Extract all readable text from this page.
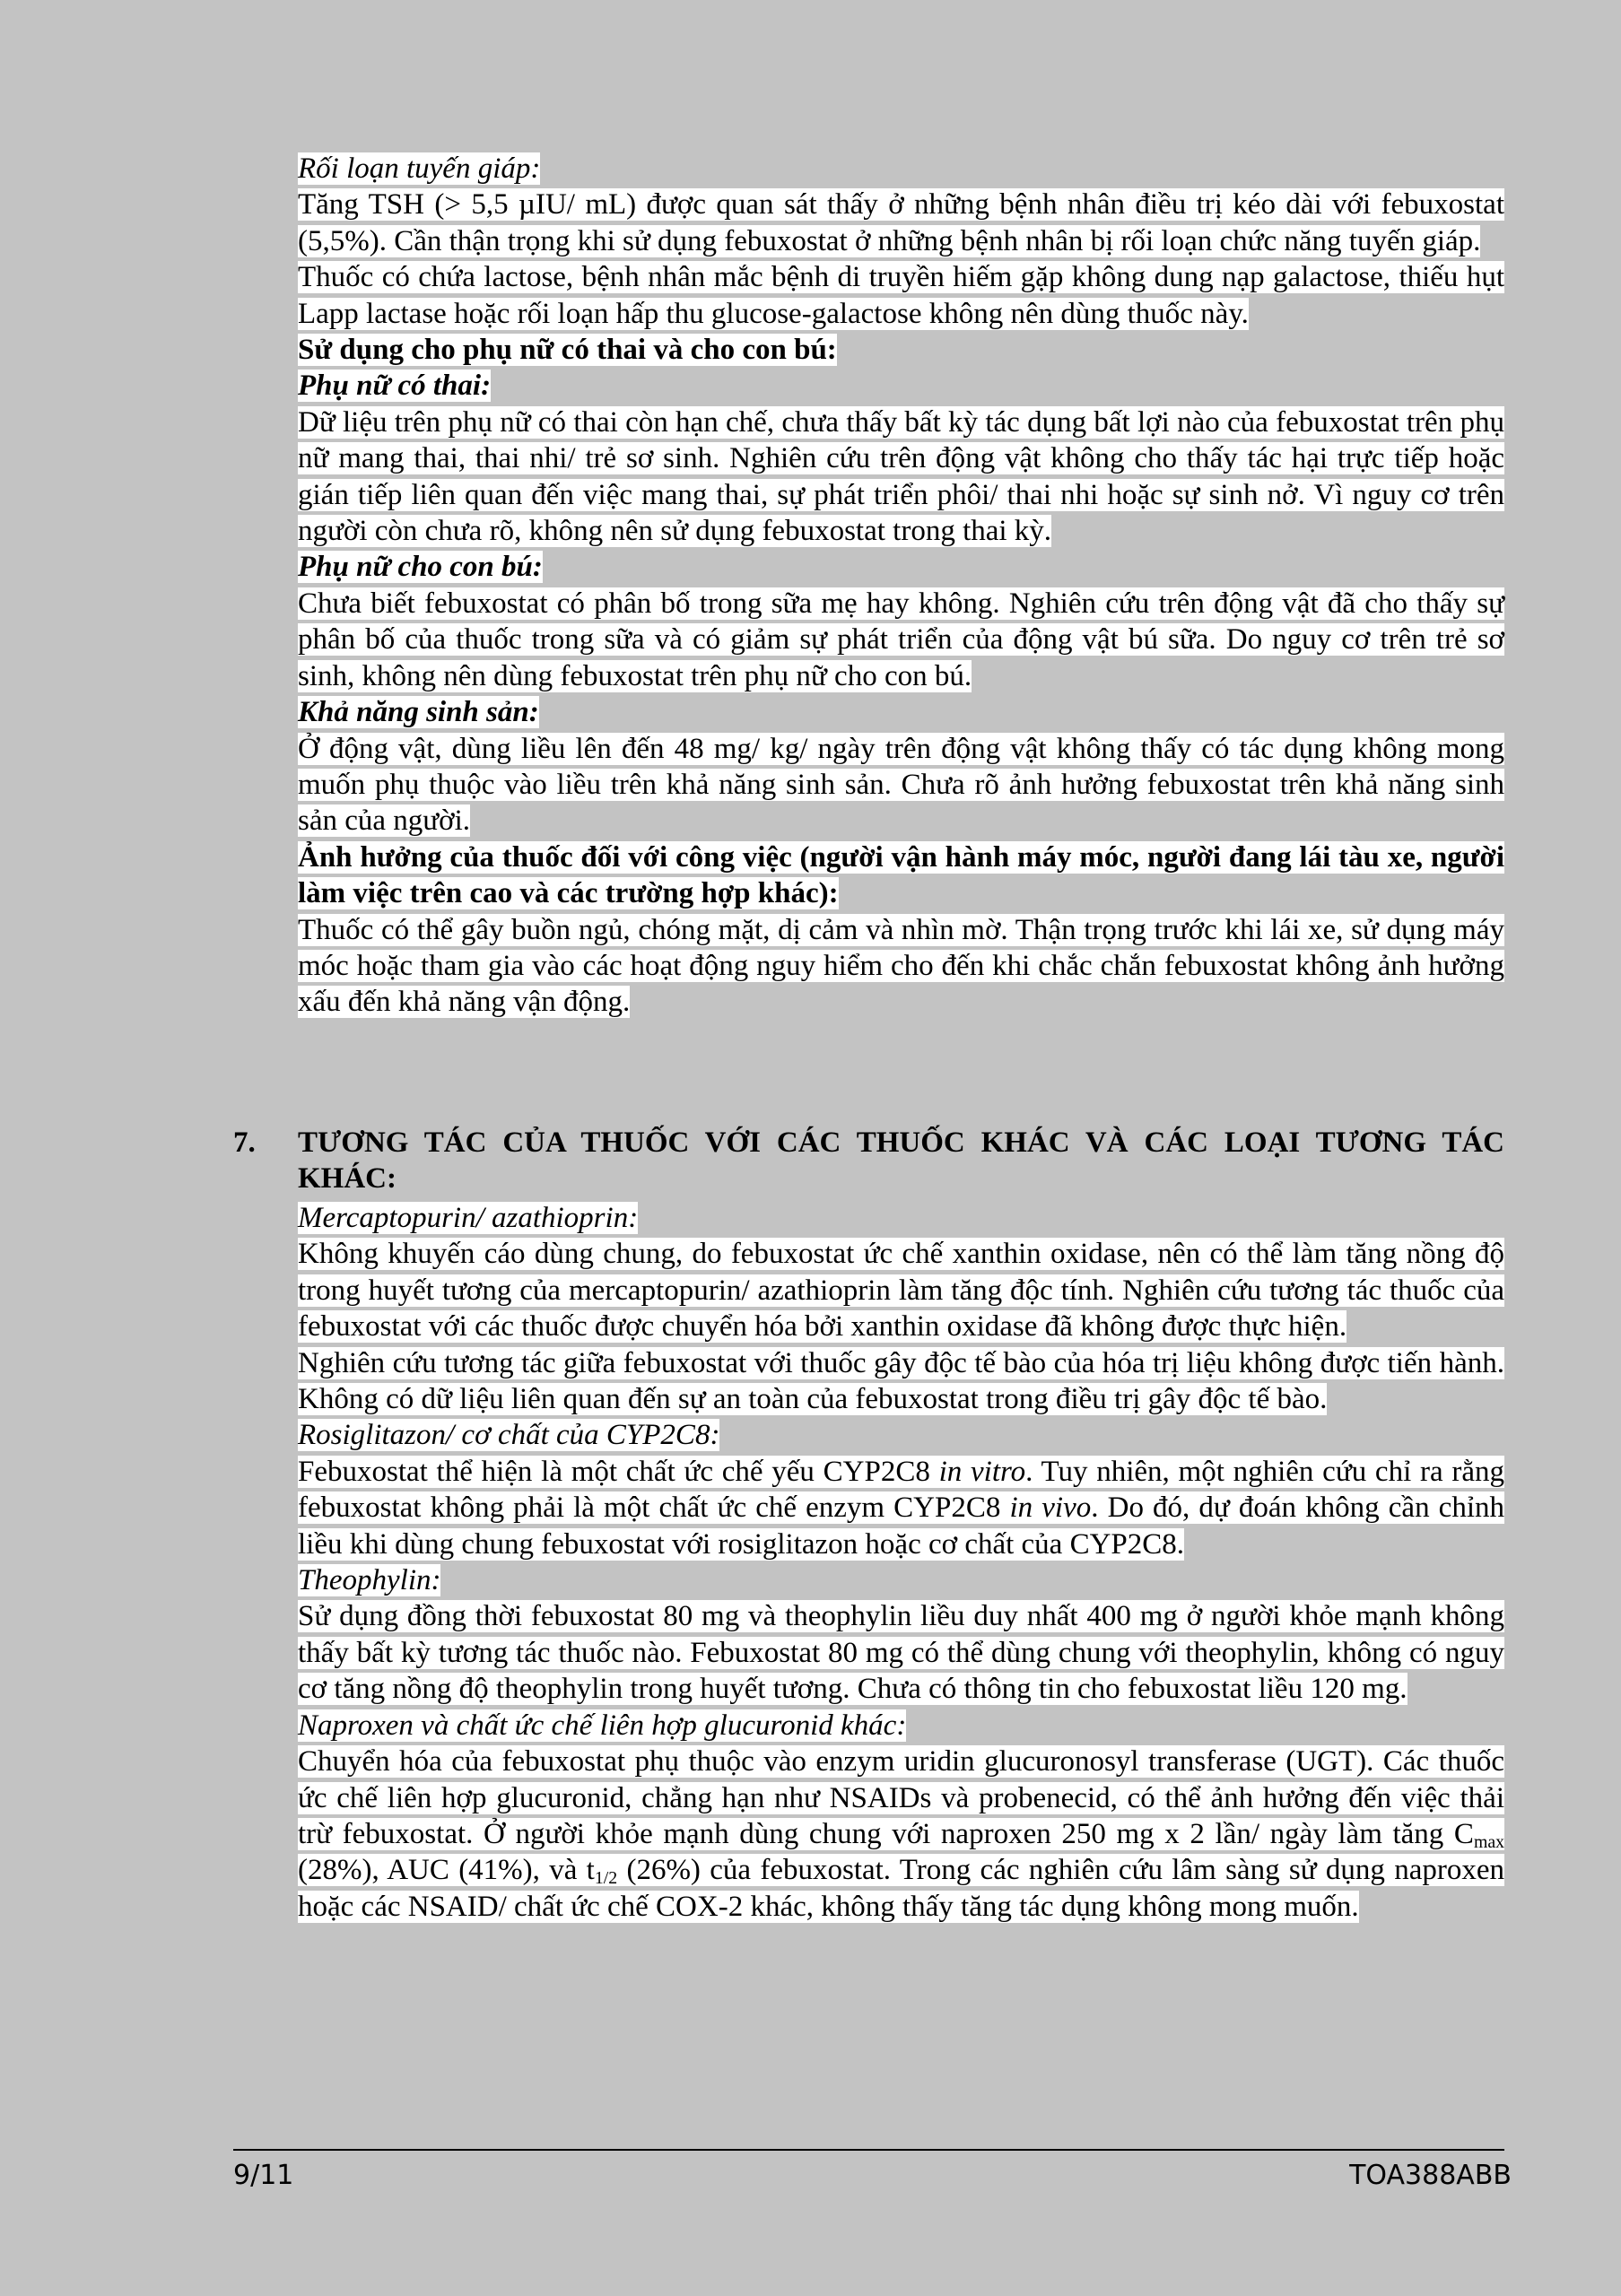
Rối loạn tuyến giáp:

Tăng TSH (> 5,5 µIU/ mL) được quan sát thấy ở những bệnh nhân điều trị kéo dài với febuxostat (5,5%). Cần thận trọng khi sử dụng febuxostat ở những bệnh nhân bị rối loạn chức năng tuyến giáp.

Thuốc có chứa lactose, bệnh nhân mắc bệnh di truyền hiếm gặp không dung nạp galactose, thiếu hụt Lapp lactase hoặc rối loạn hấp thu glucose-galactose không nên dùng thuốc này.

Sử dụng cho phụ nữ có thai và cho con bú:

Phụ nữ có thai:

Dữ liệu trên phụ nữ có thai còn hạn chế, chưa thấy bất kỳ tác dụng bất lợi nào của febuxostat trên phụ nữ mang thai, thai nhi/ trẻ sơ sinh. Nghiên cứu trên động vật không cho thấy tác hại trực tiếp hoặc gián tiếp liên quan đến việc mang thai, sự phát triển phôi/ thai nhi hoặc sự sinh nở. Vì nguy cơ trên người còn chưa rõ, không nên sử dụng febuxostat trong thai kỳ.

Phụ nữ cho con bú:

Chưa biết febuxostat có phân bố trong sữa mẹ hay không. Nghiên cứu trên động vật đã cho thấy sự phân bố của thuốc trong sữa và có giảm sự phát triển của động vật bú sữa. Do nguy cơ trên trẻ sơ sinh, không nên dùng febuxostat trên phụ nữ cho con bú.

Khả năng sinh sản:

Ở động vật, dùng liều lên đến 48 mg/ kg/ ngày trên động vật không thấy có tác dụng không mong muốn phụ thuộc vào liều trên khả năng sinh sản. Chưa rõ ảnh hưởng febuxostat trên khả năng sinh sản của người.

Ảnh hưởng của thuốc đối với công việc (người vận hành máy móc, người đang lái tàu xe, người làm việc trên cao và các trường hợp khác):

Thuốc có thể gây buồn ngủ, chóng mặt, dị cảm và nhìn mờ. Thận trọng trước khi lái xe, sử dụng máy móc hoặc tham gia vào các hoạt động nguy hiểm cho đến khi chắc chắn febuxostat không ảnh hưởng xấu đến khả năng vận động.

7. TƯƠNG TÁC CỦA THUỐC VỚI CÁC THUỐC KHÁC VÀ CÁC LOẠI TƯƠNG TÁC KHÁC:

Mercaptopurin/ azathioprin:

Không khuyến cáo dùng chung, do febuxostat ức chế xanthin oxidase, nên có thể làm tăng nồng độ trong huyết tương của mercaptopurin/ azathioprin làm tăng độc tính. Nghiên cứu tương tác thuốc của febuxostat với các thuốc được chuyển hóa bởi xanthin oxidase đã không được thực hiện.

Nghiên cứu tương tác giữa febuxostat với thuốc gây độc tế bào của hóa trị liệu không được tiến hành. Không có dữ liệu liên quan đến sự an toàn của febuxostat trong điều trị gây độc tế bào.

Rosiglitazon/ cơ chất của CYP2C8:

Febuxostat thể hiện là một chất ức chế yếu CYP2C8 in vitro. Tuy nhiên, một nghiên cứu chỉ ra rằng febuxostat không phải là một chất ức chế enzym CYP2C8 in vivo. Do đó, dự đoán không cần chỉnh liều khi dùng chung febuxostat với rosiglitazon hoặc cơ chất của CYP2C8.

Theophylin:

Sử dụng đồng thời febuxostat 80 mg và theophylin liều duy nhất 400 mg ở người khỏe mạnh không thấy bất kỳ tương tác thuốc nào. Febuxostat 80 mg có thể dùng chung với theophylin, không có nguy cơ tăng nồng độ theophylin trong huyết tương. Chưa có thông tin cho febuxostat liều 120 mg.

Naproxen và chất ức chế liên hợp glucuronid khác:

Chuyển hóa của febuxostat phụ thuộc vào enzym uridin glucuronosyl transferase (UGT). Các thuốc ức chế liên hợp glucuronid, chẳng hạn như NSAIDs và probenecid, có thể ảnh hưởng đến việc thải trừ febuxostat. Ở người khỏe mạnh dùng chung với naproxen 250 mg x 2 lần/ ngày làm tăng $C_{max}$ (28%), AUC (41%), và $t_{1/2}$ (26%) của febuxostat. Trong các nghiên cứu lâm sàng sử dụng naproxen hoặc các NSAID/ chất ức chế COX-2 khác, không thấy tăng tác dụng không mong muốn.

9/11	TOA388ABB
